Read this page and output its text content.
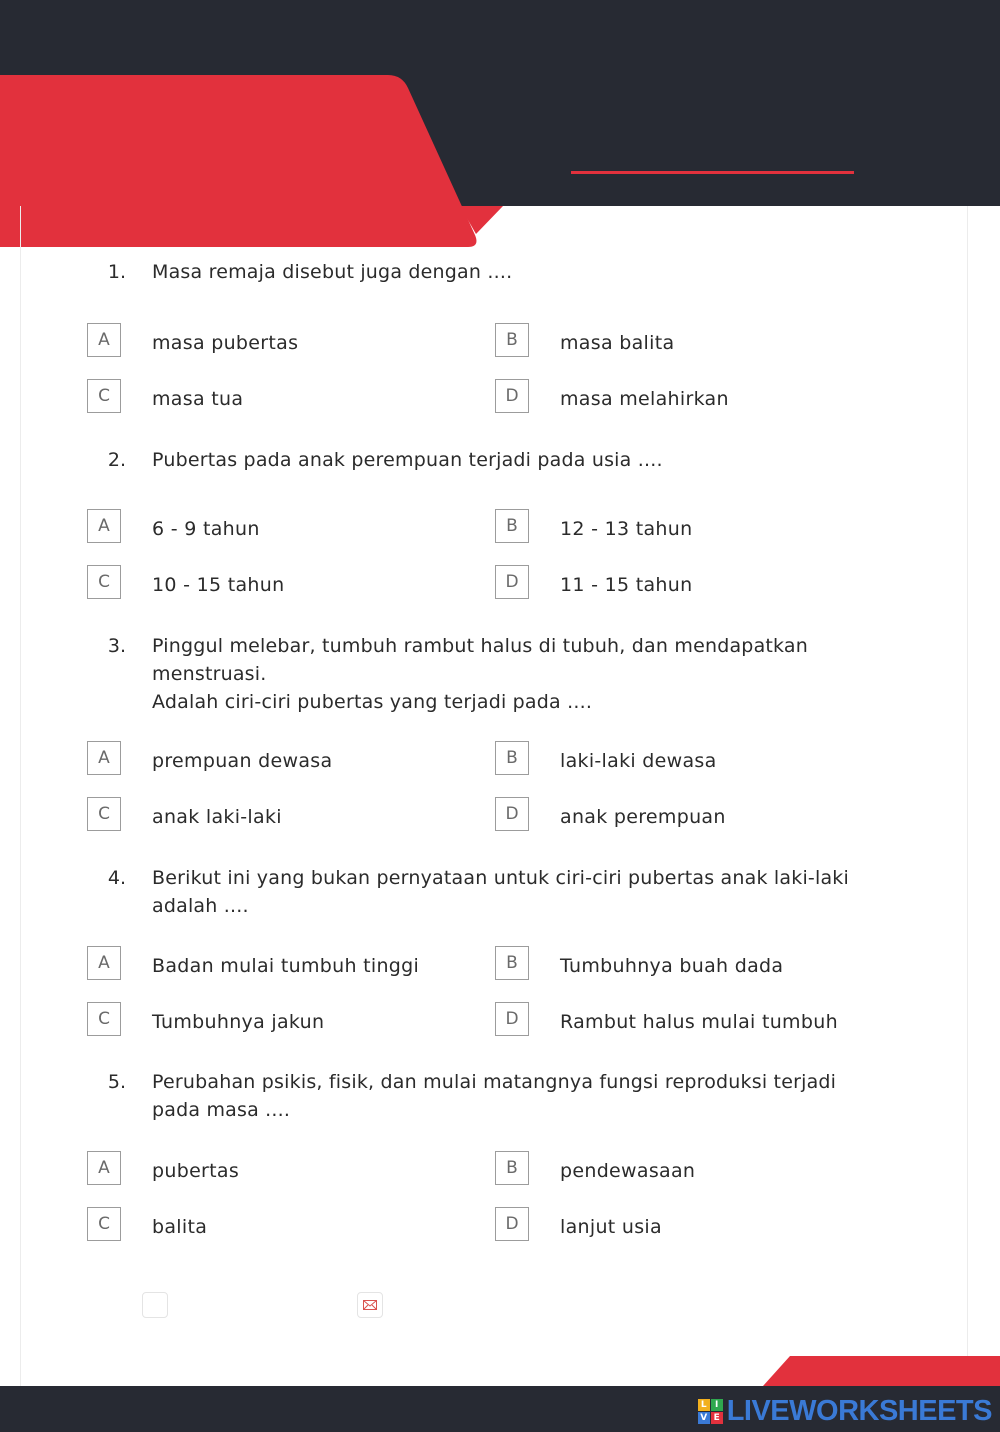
1. Masa remaja disebut juga dengan ....
A	masa pubertas	B	masa balita
C	masa tua	D	masa melahirkan
2. Pubertas pada anak perempuan terjadi pada usia ....
A	6 - 9 tahun	B	12 - 13 tahun
C	10 - 15 tahun	D	11 - 15 tahun
3. Pinggul melebar, tumbuh rambut halus di tubuh, dan mendapatkan
menstruasi.
Adalah ciri-ciri pubertas yang terjadi pada ....
A	prempuan dewasa	B	laki-laki dewasa
C	anak laki-laki	D	anak perempuan
4. Berikut ini yang bukan pernyataan untuk ciri-ciri pubertas anak laki-laki
adalah ....
A	Badan mulai tumbuh tinggi	B	Tumbuhnya buah dada
C	Tumbuhnya jakun	D	Rambut halus mulai tumbuh
5. Perubahan psikis, fisik, dan mulai matangnya fungsi reproduksi terjadi
pada masa ....
A	pubertas	B	pendewasaan
C	balita	D	lanjut usia
L I
V E LIVEWORKSHEETS
